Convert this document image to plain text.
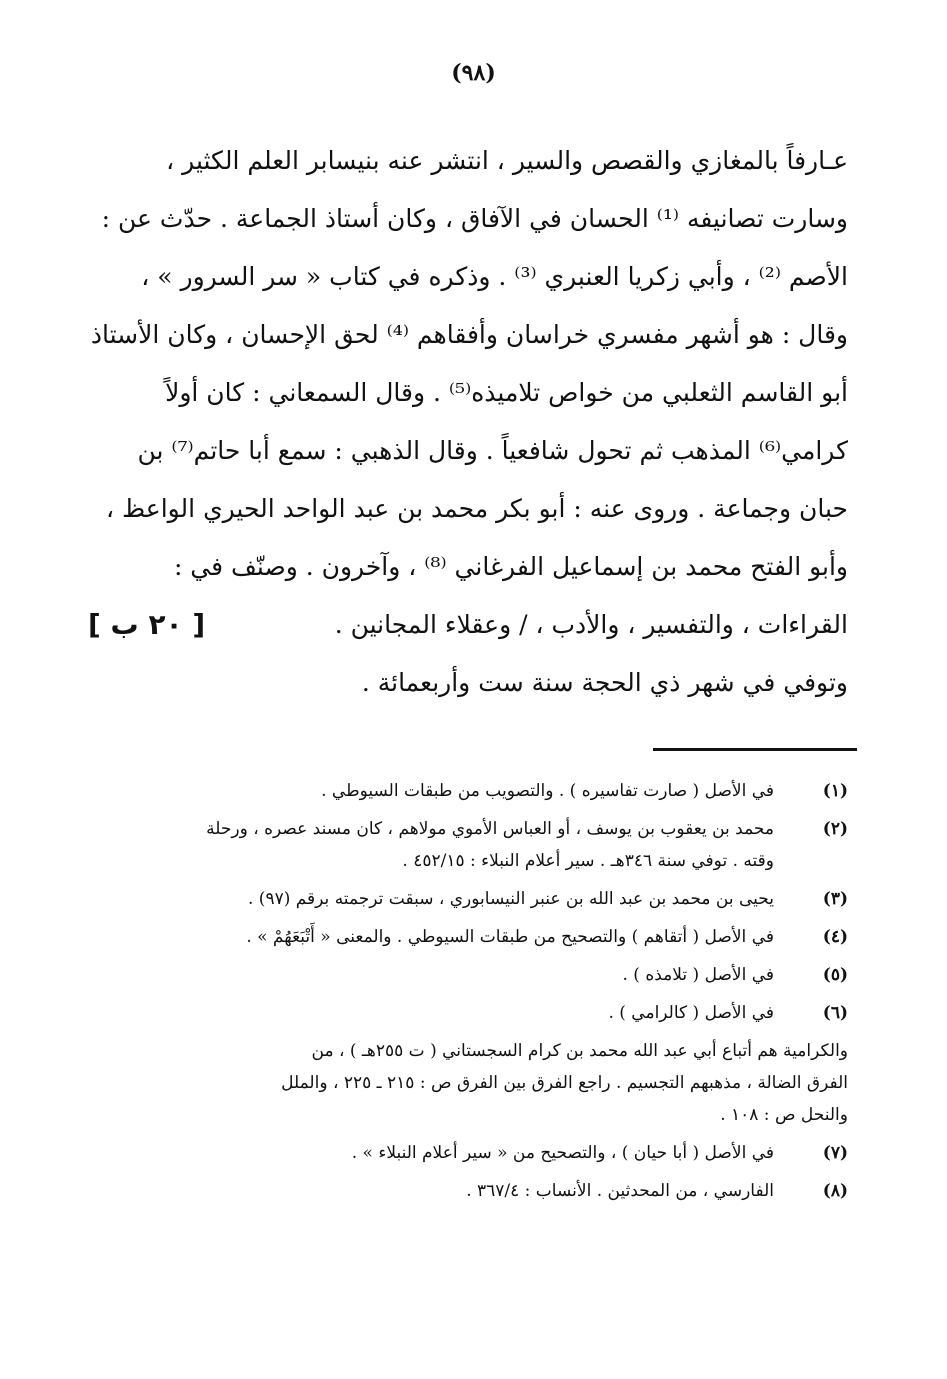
(٩٨)
عـارفاً بالمغازي والقصص والسير ، انتشر عنه بنيسابر العلم الكثير ،
وسارت تصانيفه ⁽¹⁾ الحسان في الآفاق ، وكان أستاذ الجماعة . حدّث عن :
الأصم ⁽²⁾ ، وأبي زكريا العنبري ⁽³⁾ . وذكره في كتاب « سر السرور » ،
وقال : هو أشهر مفسري خراسان وأفقاهم ⁽⁴⁾ لحق الإحسان ، وكان الأستاذ
أبو القاسم الثعلبي من خواص تلاميذه⁽⁵⁾ . وقال السمعاني : كان أولاً
كرامي⁽⁶⁾ المذهب ثم تحول شافعياً . وقال الذهبي : سمع أبا حاتم⁽⁷⁾ بن
حبان وجماعة . وروى عنه : أبو بكر محمد بن عبد الواحد الحيري الواعظ ،
وأبو الفتح محمد بن إسماعيل الفرغاني ⁽⁸⁾ ، وآخرون . وصنّف في :
القراءات ، والتفسير ، والأدب ، / وعقلاء المجانين .
[ ٢٠ ب ]
وتوفي في شهر ذي الحجة سنة ست وأربعمائة .
(١)
في الأصل ( صارت تفاسيره ) . والتصويب من طبقات السيوطي .
(٢)
محمد بن يعقوب بن يوسف ، أو العباس الأموي مولاهم ، كان مسند عصره ، ورحلة
وقته . توفي سنة ٣٤٦هـ . سير أعلام النبلاء : ٤٥٢/١٥ .
(٣)
يحيى بن محمد بن عبد الله بن عنبر النيسابوري ، سبقت ترجمته برقم (٩٧) .
(٤)
في الأصل ( أتقاهم ) والتصحيح من طبقات السيوطي . والمعنى « أَتْبَعَهُمْ » .
(٥)
في الأصل ( تلامذه ) .
(٦)
في الأصل ( كالرامي ) .
والكرامية هم أتباع أبي عبد الله محمد بن كرام السجستاني ( ت ٢٥٥هـ ) ، من
الفرق الضالة ، مذهبهم التجسيم . راجع الفرق بين الفرق ص : ٢١٥ ـ ٢٢٥ ، والملل
والنحل ص : ١٠٨ .
(٧)
في الأصل ( أبا حيان ) ، والتصحيح من « سير أعلام النبلاء » .
(٨)
الفارسي ، من المحدثين . الأنساب : ٣٦٧/٤ .
